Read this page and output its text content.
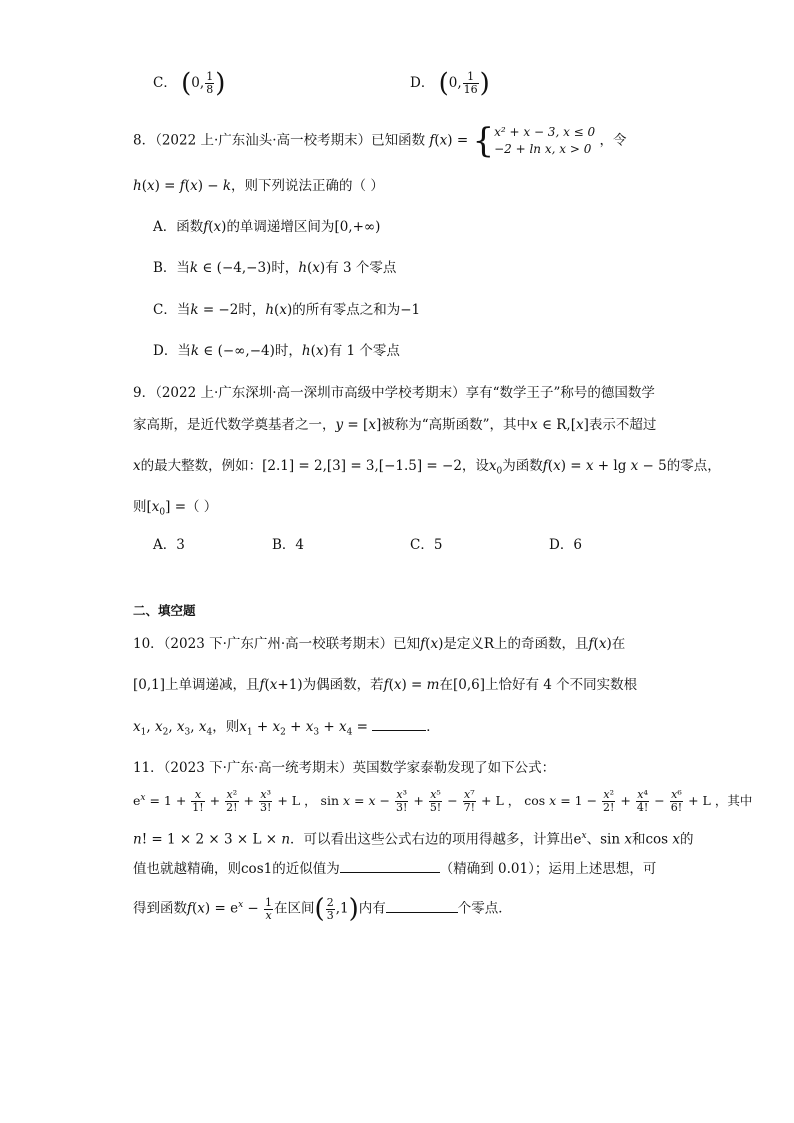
C． (0, $\frac{1}{8}$ )	D． (0, $\frac{1}{16}$ )
8．（2022 上·广东汕头·高一校考期末）已知函数 f(x) = { x² + x − 3, x ≤ 0
−2 + ln x, x > 0
，令
h(x) = f(x) − k，则下列说法正确的（ ）
A．函数f(x)的单调递增区间为[0,+∞)
B．当k ∈ (−4,−3)时，h(x)有 3 个零点
C．当k = −2时，h(x)的所有零点之和为−1
D．当k ∈ (−∞,−4)时，h(x)有 1 个零点
9．（2022 上·广东深圳·高一深圳市高级中学校考期末）享有“数学王子”称号的德国数学
家高斯，是近代数学奠基者之一，y = [x]被称为“高斯函数”，其中x ∈ R,[x]表示不超过
x的最大整数，例如：[2.1] = 2,[3] = 3,[−1.5] = −2，设$x_0$为函数f(x) = x + lg x − 5的零点，
则$[x_0]$ =（ ）
A．3	B．4	C．5	D．6
二、填空题
10．（2023 下·广东广州·高一校联考期末）已知f(x)是定义R上的奇函数，且f(x)在
[0,1]上单调递减，且f(x+1)为偶函数，若f(x) = m在[0,6]上恰好有 4 个不同实数根
$x_1$, $x_2$, $x_3$, $x_4$，则$x_1 + x_2 + x_3 + x_4$ =	．
11．（2023 下·广东·高一统考期末）英国数学家泰勒发现了如下公式：
$e^x = 1 + \frac{x}{1!} + \frac{\text{x²}}{2!} + \frac{\text{x³}}{3!} + L$ ， $\sin x = x - \frac{\text{x³}}{3!} + \frac{\text{x⁵}}{5!} - \frac{\text{x⁷}}{7!} + L$ ， $\cos x = 1 - \frac{\text{x²}}{2!} + \frac{\text{x⁴}}{4!} - \frac{\text{x⁶}}{6!} + L$ ，其中
n! = 1 × 2 × 3 × L × n．可以看出这些公式右边的项用得越多，计算出$e^x$、sin x和cos x的
值也就越精确，则cos1的近似值为	（精确到 0.01）；运用上述思想，可
得到函数$f(x) = e^x - \frac{1}{x}$ 在区间( $\frac{2}{3} ,1$)内有	个零点．
